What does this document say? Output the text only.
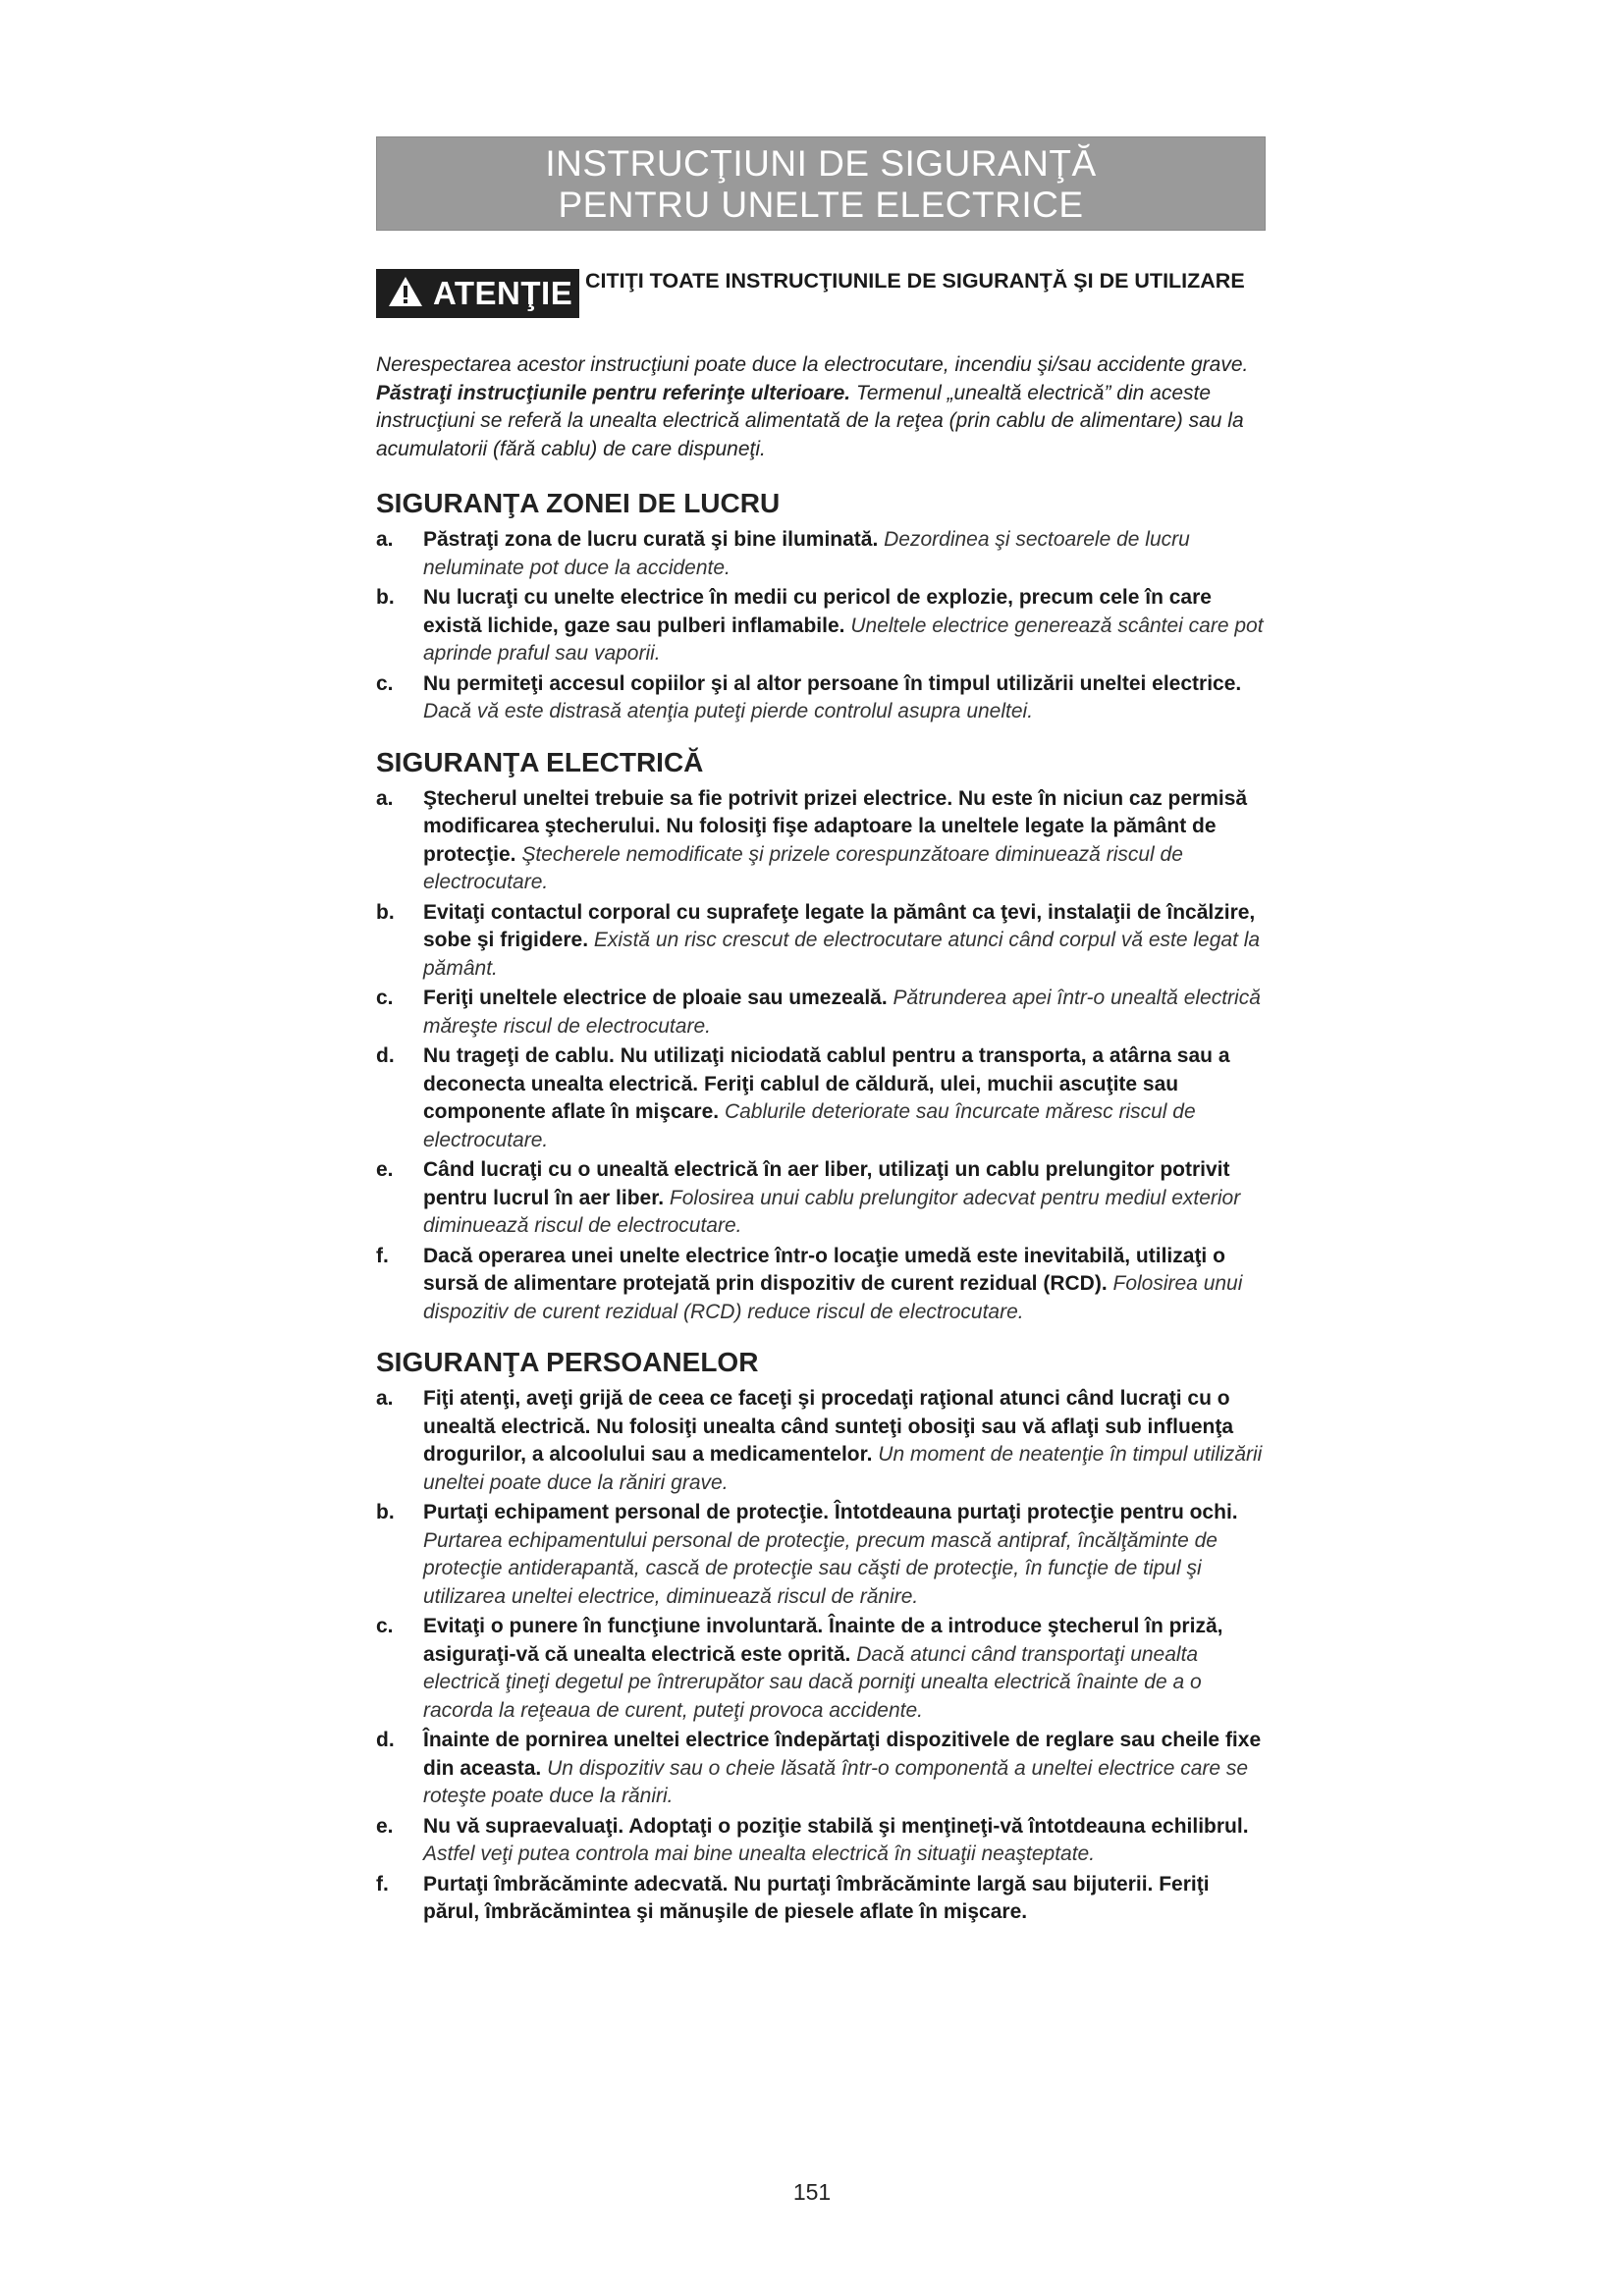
INSTRUCŢIUNI DE SIGURANŢĂ
PENTRU UNELTE ELECTRICE
ATENŢIE CITIŢI TOATE INSTRUCŢIUNILE DE SIGURANŢĂ ŞI DE UTILIZARE

Nerespectarea acestor instrucţiuni poate duce la electrocutare, incendiu şi/sau accidente grave. Păstraţi instrucţiunile pentru referinţe ulterioare. Termenul „unealtă electrică” din aceste instrucţiuni se referă la unealta electrică alimentată de la reţea (prin cablu de alimentare) sau la acumulatorii (fără cablu) de care dispuneţi.

SIGURANŢA ZONEI DE LUCRU
a. Păstraţi zona de lucru curată şi bine iluminată. Dezordinea şi sectoarele de lucru neluminate pot duce la accidente.
b. Nu lucraţi cu unelte electrice în medii cu pericol de explozie, precum cele în care există lichide, gaze sau pulberi inflamabile. Uneltele electrice generează scântei care pot aprinde praful sau vaporii.
c. Nu permiteţi accesul copiilor şi al altor persoane în timpul utilizării uneltei electrice. Dacă vă este distrasă atenţia puteţi pierde controlul asupra uneltei.
SIGURANŢA ELECTRICĂ
a. Ştecherul uneltei trebuie sa fie potrivit prizei electrice. Nu este în niciun caz permisă modificarea ştecherului. Nu folosiţi fişe adaptoare la uneltele legate la pământ de protecţie. Ştecherele nemodificate şi prizele corespunzătoare diminuează riscul de electrocutare.
b. Evitaţi contactul corporal cu suprafeţe legate la pământ ca ţevi, instalaţii de încălzire, sobe şi frigidere. Există un risc crescut de electrocutare atunci când corpul vă este legat la pământ.
c. Feriţi uneltele electrice de ploaie sau umezeală. Pătrunderea apei într-o unealtă electrică măreşte riscul de electrocutare.
d. Nu trageţi de cablu. Nu utilizaţi niciodată cablul pentru a transporta, a atârna sau a deconecta unealta electrică. Feriţi cablul de căldură, ulei, muchii ascuţite sau componente aflate în mişcare. Cablurile deteriorate sau încurcate măresc riscul de electrocutare.
e. Când lucraţi cu o unealtă electrică în aer liber, utilizaţi un cablu prelungitor potrivit pentru lucrul în aer liber. Folosirea unui cablu prelungitor adecvat pentru mediul exterior diminuează riscul de electrocutare.
f. Dacă operarea unei unelte electrice într-o locaţie umedă este inevitabilă, utilizaţi o sursă de alimentare protejată prin dispozitiv de curent rezidual (RCD). Folosirea unui dispozitiv de curent rezidual (RCD) reduce riscul de electrocutare.
SIGURANŢA PERSOANELOR
a. Fiţi atenţi, aveţi grijă de ceea ce faceţi şi procedaţi raţional atunci când lucraţi cu o unealtă electrică. Nu folosiţi unealta când sunteţi obosiţi sau vă aflaţi sub influenţa drogurilor, a alcoolului sau a medicamentelor. Un moment de neatenţie în timpul utilizării uneltei poate duce la răniri grave.
b. Purtaţi echipament personal de protecţie. Întotdeauna purtaţi protecţie pentru ochi. Purtarea echipamentului personal de protecţie, precum mască antipraf, încălţăminte de protecţie antiderapantă, cască de protecţie sau căşti de protecţie, în funcţie de tipul şi utilizarea uneltei electrice, diminuează riscul de rănire.
c. Evitaţi o punere în funcţiune involuntară. Înainte de a introduce ştecherul în priză, asiguraţi-vă că unealta electrică este oprită. Dacă atunci când transportaţi unealta electrică ţineţi degetul pe întrerupător sau dacă porniţi unealta electrică înainte de a o racorda la reţeaua de curent, puteţi provoca accidente.
d. Înainte de pornirea uneltei electrice îndepărtaţi dispozitivele de reglare sau cheile fixe din aceasta. Un dispozitiv sau o cheie lăsată într-o componentă a uneltei electrice care se roteşte poate duce la răniri.
e. Nu vă supraevaluaţi. Adoptaţi o poziţie stabilă şi menţineţi-vă întotdeauna echilibrul. Astfel veţi putea controla mai bine unealta electrică în situaţii neaşteptate.
f. Purtaţi îmbrăcăminte adecvată. Nu purtaţi îmbrăcăminte largă sau bijuterii. Feriţi părul, îmbrăcămintea şi mănuşile de piesele aflate în mişcare.
151
